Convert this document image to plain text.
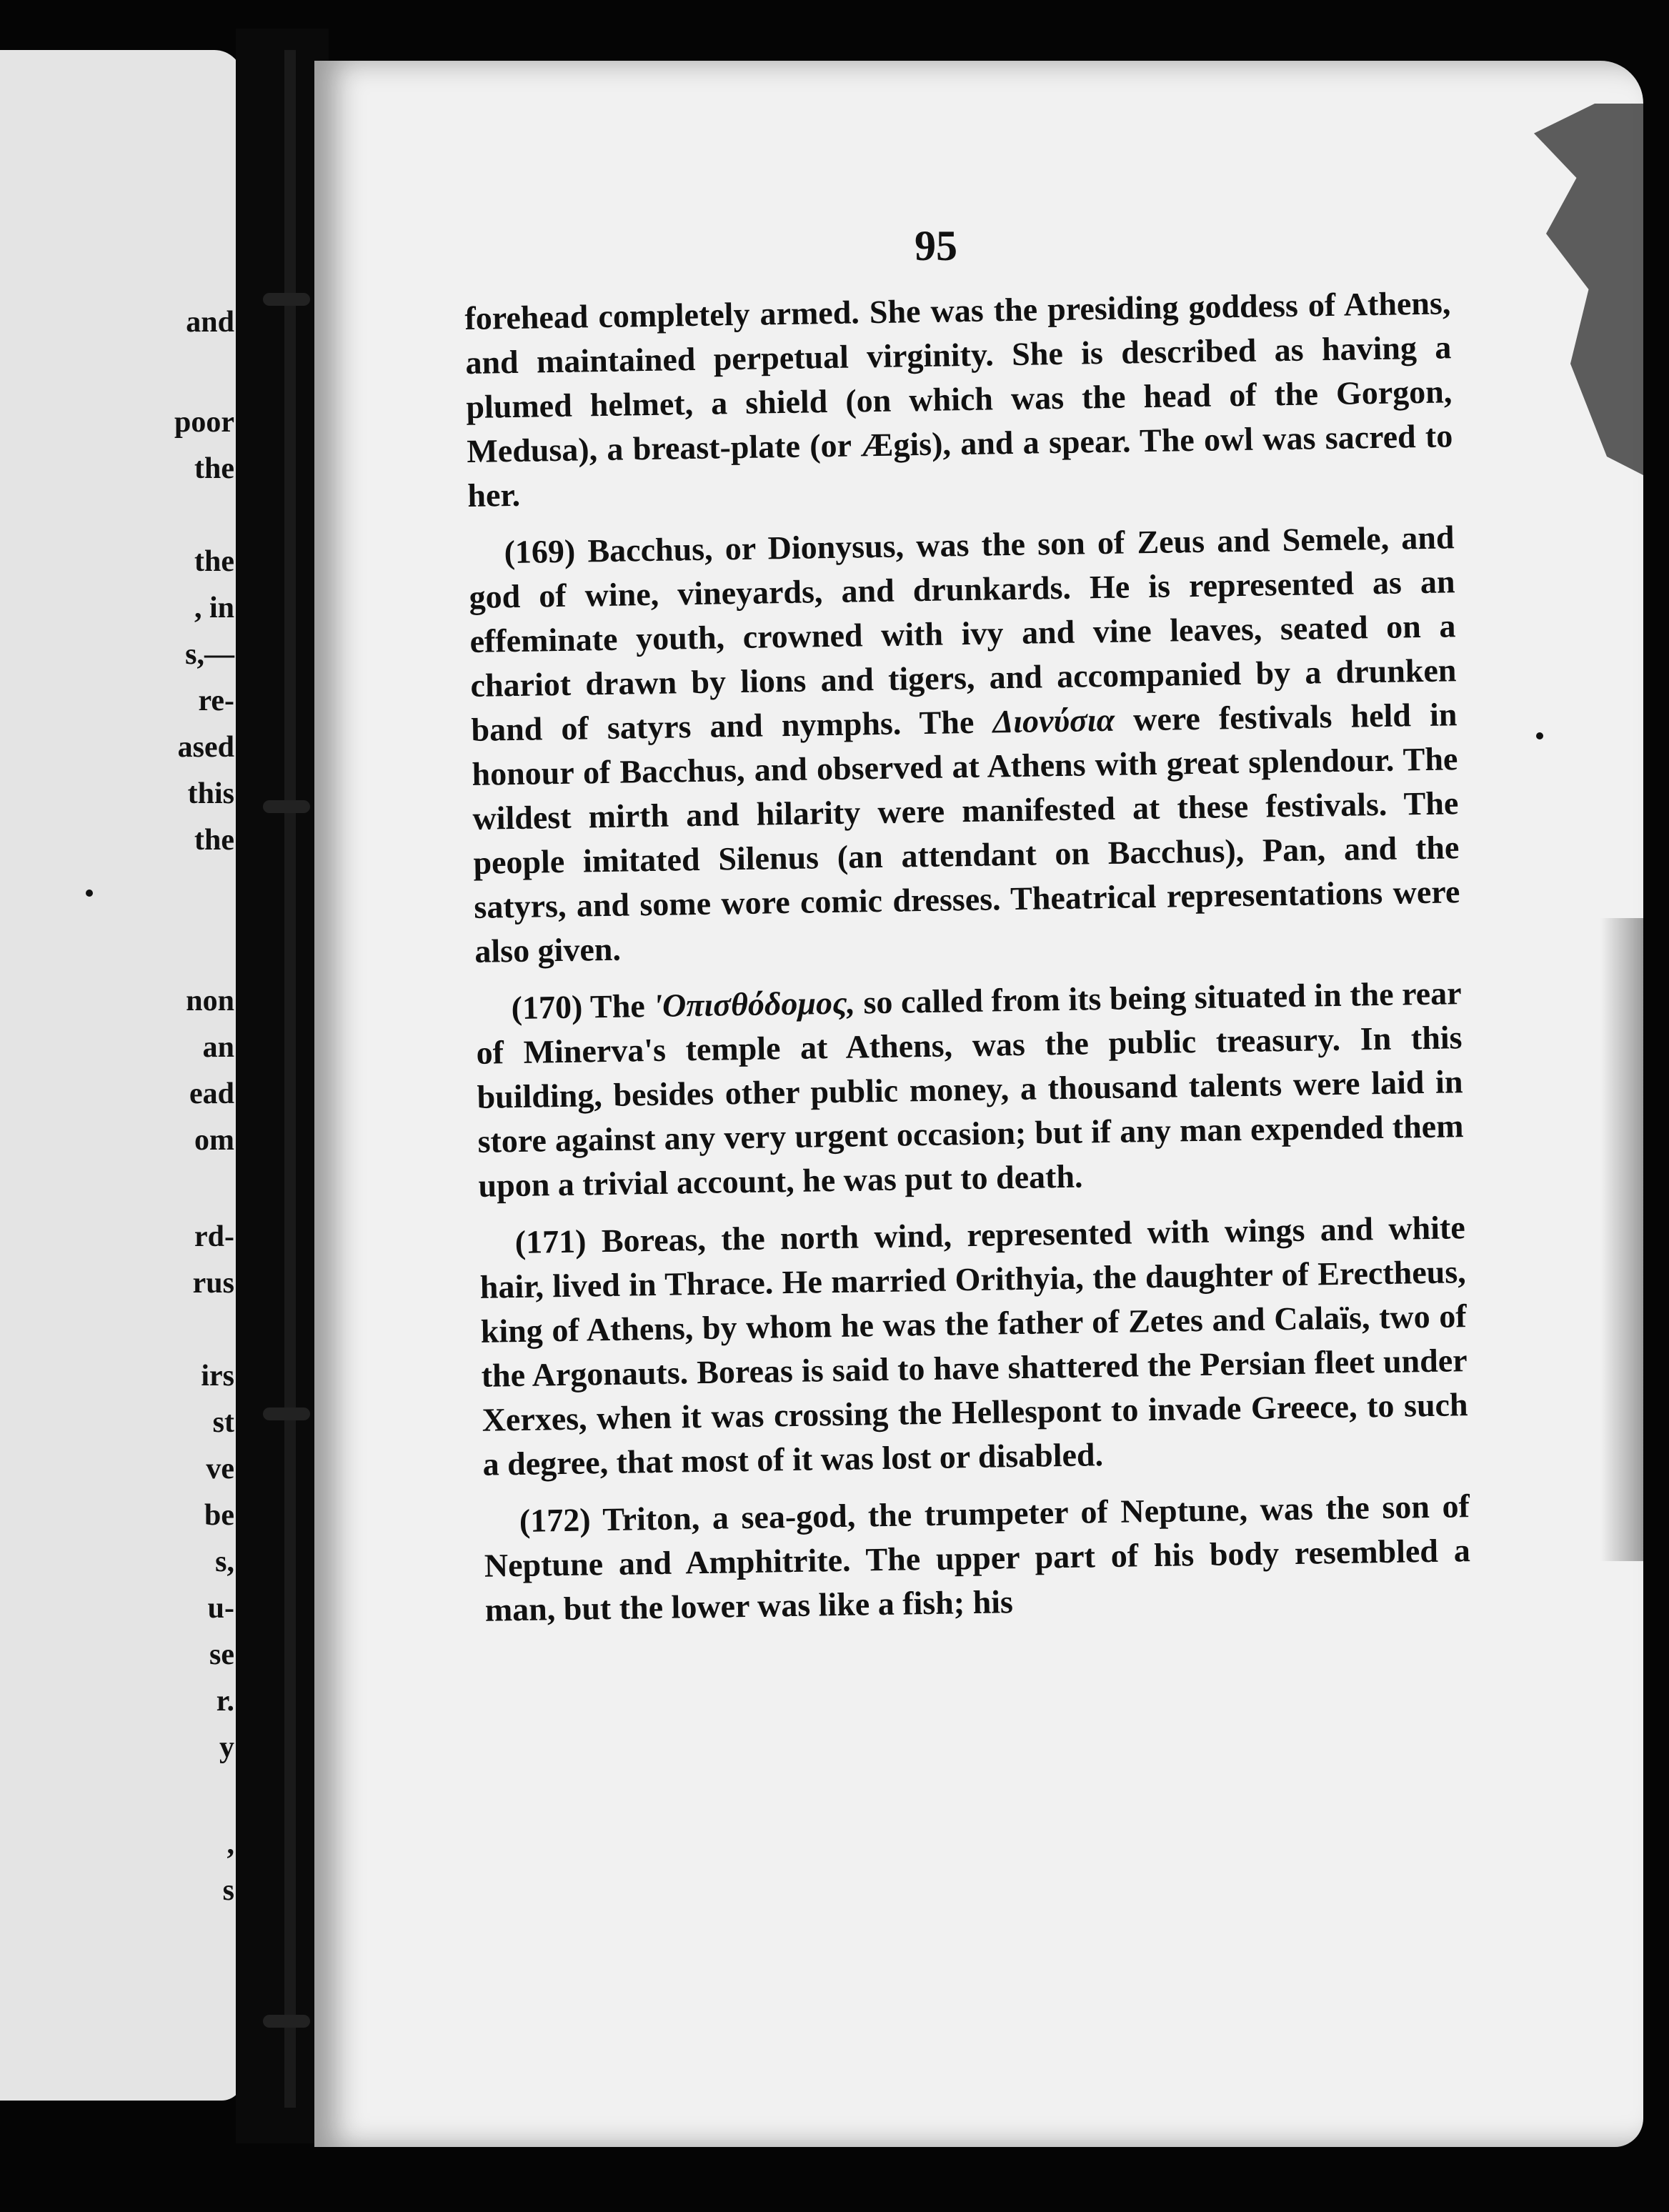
and
poor
the
the
, in
s,—
re-
ased
this
the
non
an
ead
om
rd-
rus
irs
st
ve
be
s,
u-
se
r.
y
,
s
95

forehead completely armed. She was the presiding goddess of Athens, and maintained perpetual virginity. She is described as having a plumed helmet, a shield (on which was the head of the Gorgon, Medusa), a breast-plate (or Ægis), and a spear. The owl was sacred to her.

(169) Bacchus, or Dionysus, was the son of Zeus and Semele, and god of wine, vineyards, and drunkards. He is represented as an effeminate youth, crowned with ivy and vine leaves, seated on a chariot drawn by lions and tigers, and accompanied by a drunken band of satyrs and nymphs. The Διονύσια were festivals held in honour of Bacchus, and observed at Athens with great splendour. The wildest mirth and hilarity were manifested at these festivals. The people imitated Silenus (an attendant on Bacchus), Pan, and the satyrs, and some wore comic dresses. Theatrical representations were also given.

(170) The 'Οπισθόδομος, so called from its being situated in the rear of Minerva's temple at Athens, was the public treasury. In this building, besides other public money, a thousand talents were laid in store against any very urgent occasion; but if any man expended them upon a trivial account, he was put to death.

(171) Boreas, the north wind, represented with wings and white hair, lived in Thrace. He married Orithyia, the daughter of Erectheus, king of Athens, by whom he was the father of Zetes and Calaïs, two of the Argonauts. Boreas is said to have shattered the Persian fleet under Xerxes, when it was crossing the Hellespont to invade Greece, to such a degree, that most of it was lost or disabled.

(172) Triton, a sea-god, the trumpeter of Neptune, was the son of Neptune and Amphitrite. The upper part of his body resembled a man, but the lower was like a fish; his
